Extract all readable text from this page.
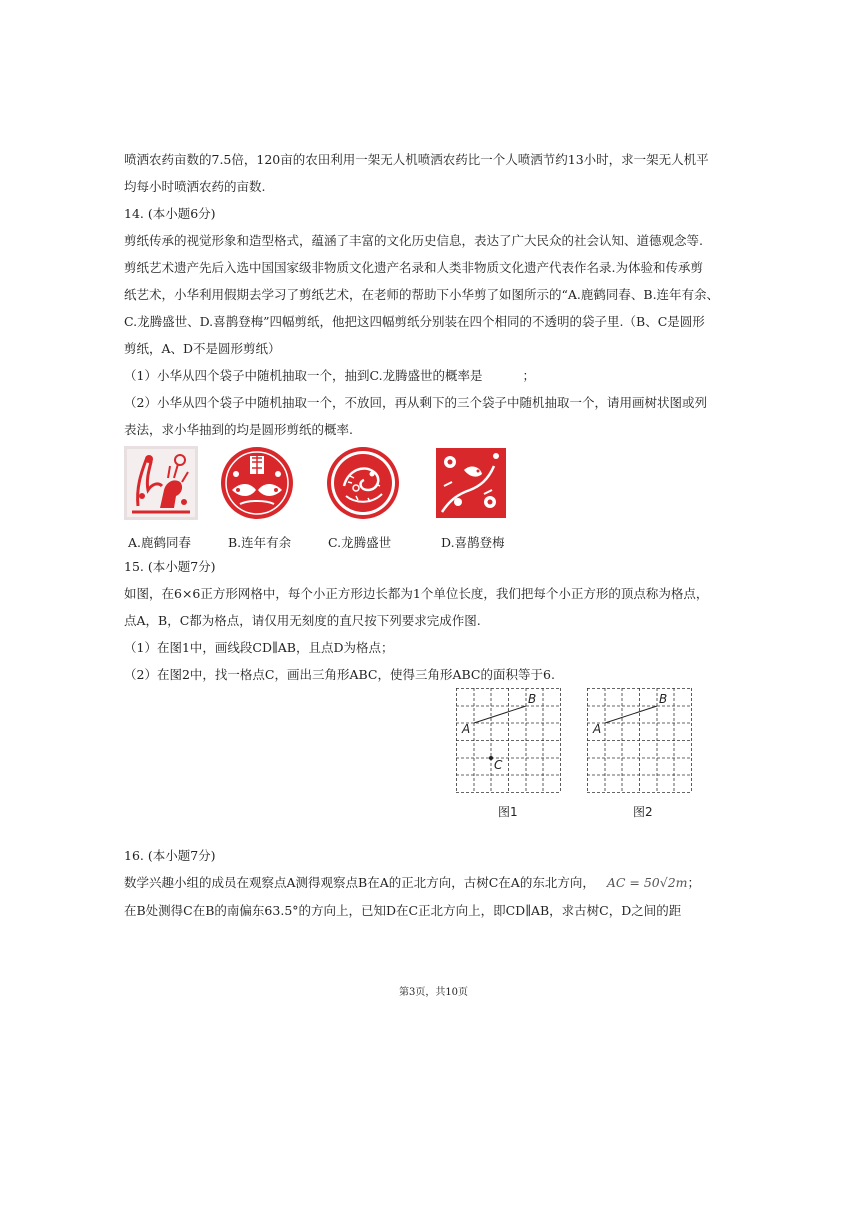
喷洒农药亩数的7.5倍，120亩的农田利用一架无人机喷洒农药比一个人喷洒节约13小时，求一架无人机平
均每小时喷洒农药的亩数.
14. (本小题6分)
剪纸传承的视觉形象和造型格式，蕴涵了丰富的文化历史信息，表达了广大民众的社会认知、道德观念等.
剪纸艺术遗产先后入选中国国家级非物质文化遗产名录和人类非物质文化遗产代表作名录.为体验和传承剪
纸艺术，小华利用假期去学习了剪纸艺术，在老师的帮助下小华剪了如图所示的“A.鹿鹤同春、B.连年有余、
C.龙腾盛世、D.喜鹊登梅”四幅剪纸，他把这四幅剪纸分别装在四个相同的不透明的袋子里.（B、C是圆形
剪纸，A、D不是圆形剪纸）
（1）小华从四个袋子中随机抽取一个，抽到C.龙腾盛世的概率是	；
（2）小华从四个袋子中随机抽取一个，不放回，再从剩下的三个袋子中随机抽取一个，请用画树状图或列
表法，求小华抽到的均是圆形剪纸的概率.
A.鹿鹤同春	B.连年有余	C.龙腾盛世	D.喜鹊登梅
15. (本小题7分)
如图，在6×6正方形网格中，每个小正方形边长都为1个单位长度，我们把每个小正方形的顶点称为格点，
点A，B，C都为格点，请仅用无刻度的直尺按下列要求完成作图.
（1）在图1中，画线段CD∥AB，且点D为格点；
（2）在图2中，找一格点C，画出三角形ABC，使得三角形ABC的面积等于6.
A
B
C
图1
A
B
图2
16. (本小题7分)
数学兴趣小组的成员在观察点A测得观察点B在A的正北方向，古树C在A的东北方向， AC = 50√2m；
在B处测得C在B的南偏东63.5°的方向上，已知D在C正北方向上，即CD∥AB，求古树C，D之间的距
第3页，共10页
